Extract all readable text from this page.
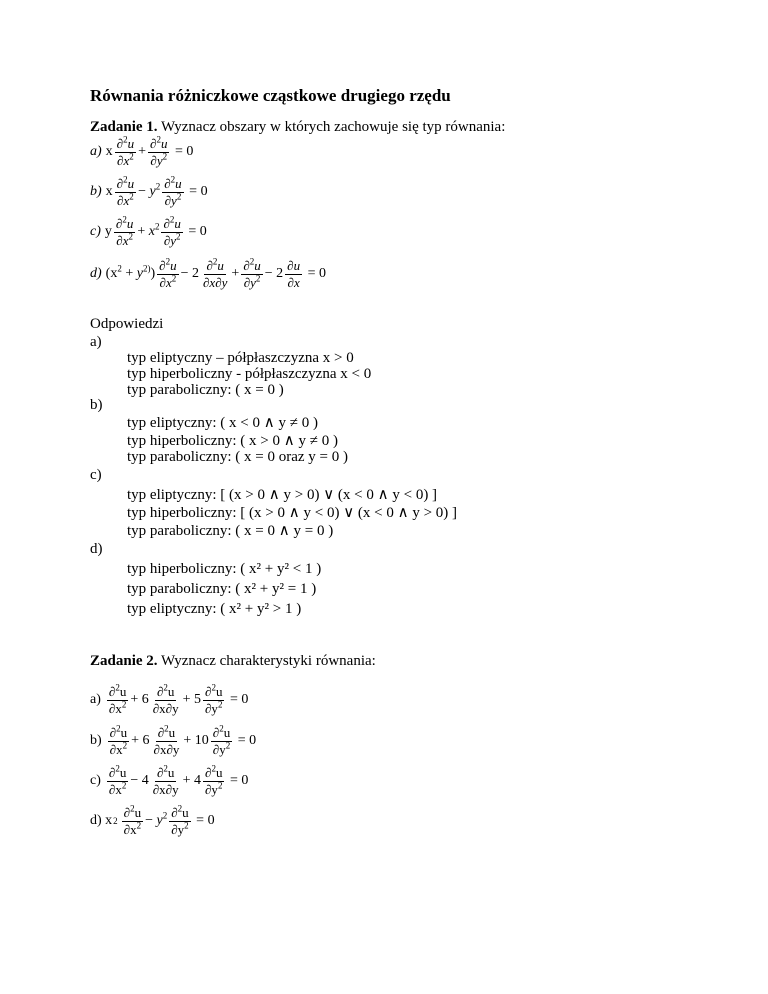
Równania różniczkowe cząstkowe drugiego rzędu
Zadanie 1. Wyznacz obszary w których zachowuje się typ równania:
a) x $\frac{\partial^2u}{\partial x^2} + \frac{\partial^2u}{\partial y^2} = 0$
b) x $\frac{\partial^2u}{\partial x^2} - y^2 \frac{\partial^2u}{\partial y^2} = 0$
c) y $\frac{\partial^2u}{\partial x^2} + x^2 \frac{\partial^2u}{\partial y^2} = 0$
d) $(x^2 + y^{2)}) \frac{\partial^2u}{\partial x^2} - 2 \frac{\partial^2u}{\partial x\partial y} + \frac{\partial^2u}{\partial y^2} - 2 \frac{\partial u}{\partial x} = 0$
Odpowiedzi
a)
typ eliptyczny – półpłaszczyzna x > 0
typ hiperboliczny - półpłaszczyzna x < 0
typ paraboliczny: ( x = 0 )
b)
typ eliptyczny: ( x < 0 ∧ y ≠ 0 )
typ hiperboliczny: ( x > 0 ∧ y ≠ 0 )
typ paraboliczny: ( x = 0 oraz y = 0 )
c)
typ eliptyczny: [ (x > 0 ∧ y > 0) ∨ (x < 0 ∧ y < 0) ]
typ hiperboliczny: [ (x > 0 ∧ y < 0) ∨ (x < 0 ∧ y > 0) ]
typ paraboliczny: ( x = 0 ∧ y = 0 )
d)
typ hiperboliczny: ( x² + y² < 1 )
typ paraboliczny: ( x² + y² = 1 )
typ eliptyczny: ( x² + y² > 1 )
Zadanie 2. Wyznacz charakterystyki równania:
$a) \frac{\partial^2u}{\partial x^2} + 6 \frac{\partial^2u}{\partial x\partial y} + 5 \frac{\partial^2u}{\partial y^2} = 0$
$b) \frac{\partial^2u}{\partial x^2} + 6 \frac{\partial^2u}{\partial x\partial y} + 10 \frac{\partial^2u}{\partial y^2} = 0$
$c) \frac{\partial^2u}{\partial x^2} - 4 \frac{\partial^2u}{\partial x\partial y} + 4 \frac{\partial^2u}{\partial y^2} = 0$
d) x $2 \frac{\partial^2u}{\partial x^2} - y^2 \frac{\partial^2u}{\partial y^2} = 0$
